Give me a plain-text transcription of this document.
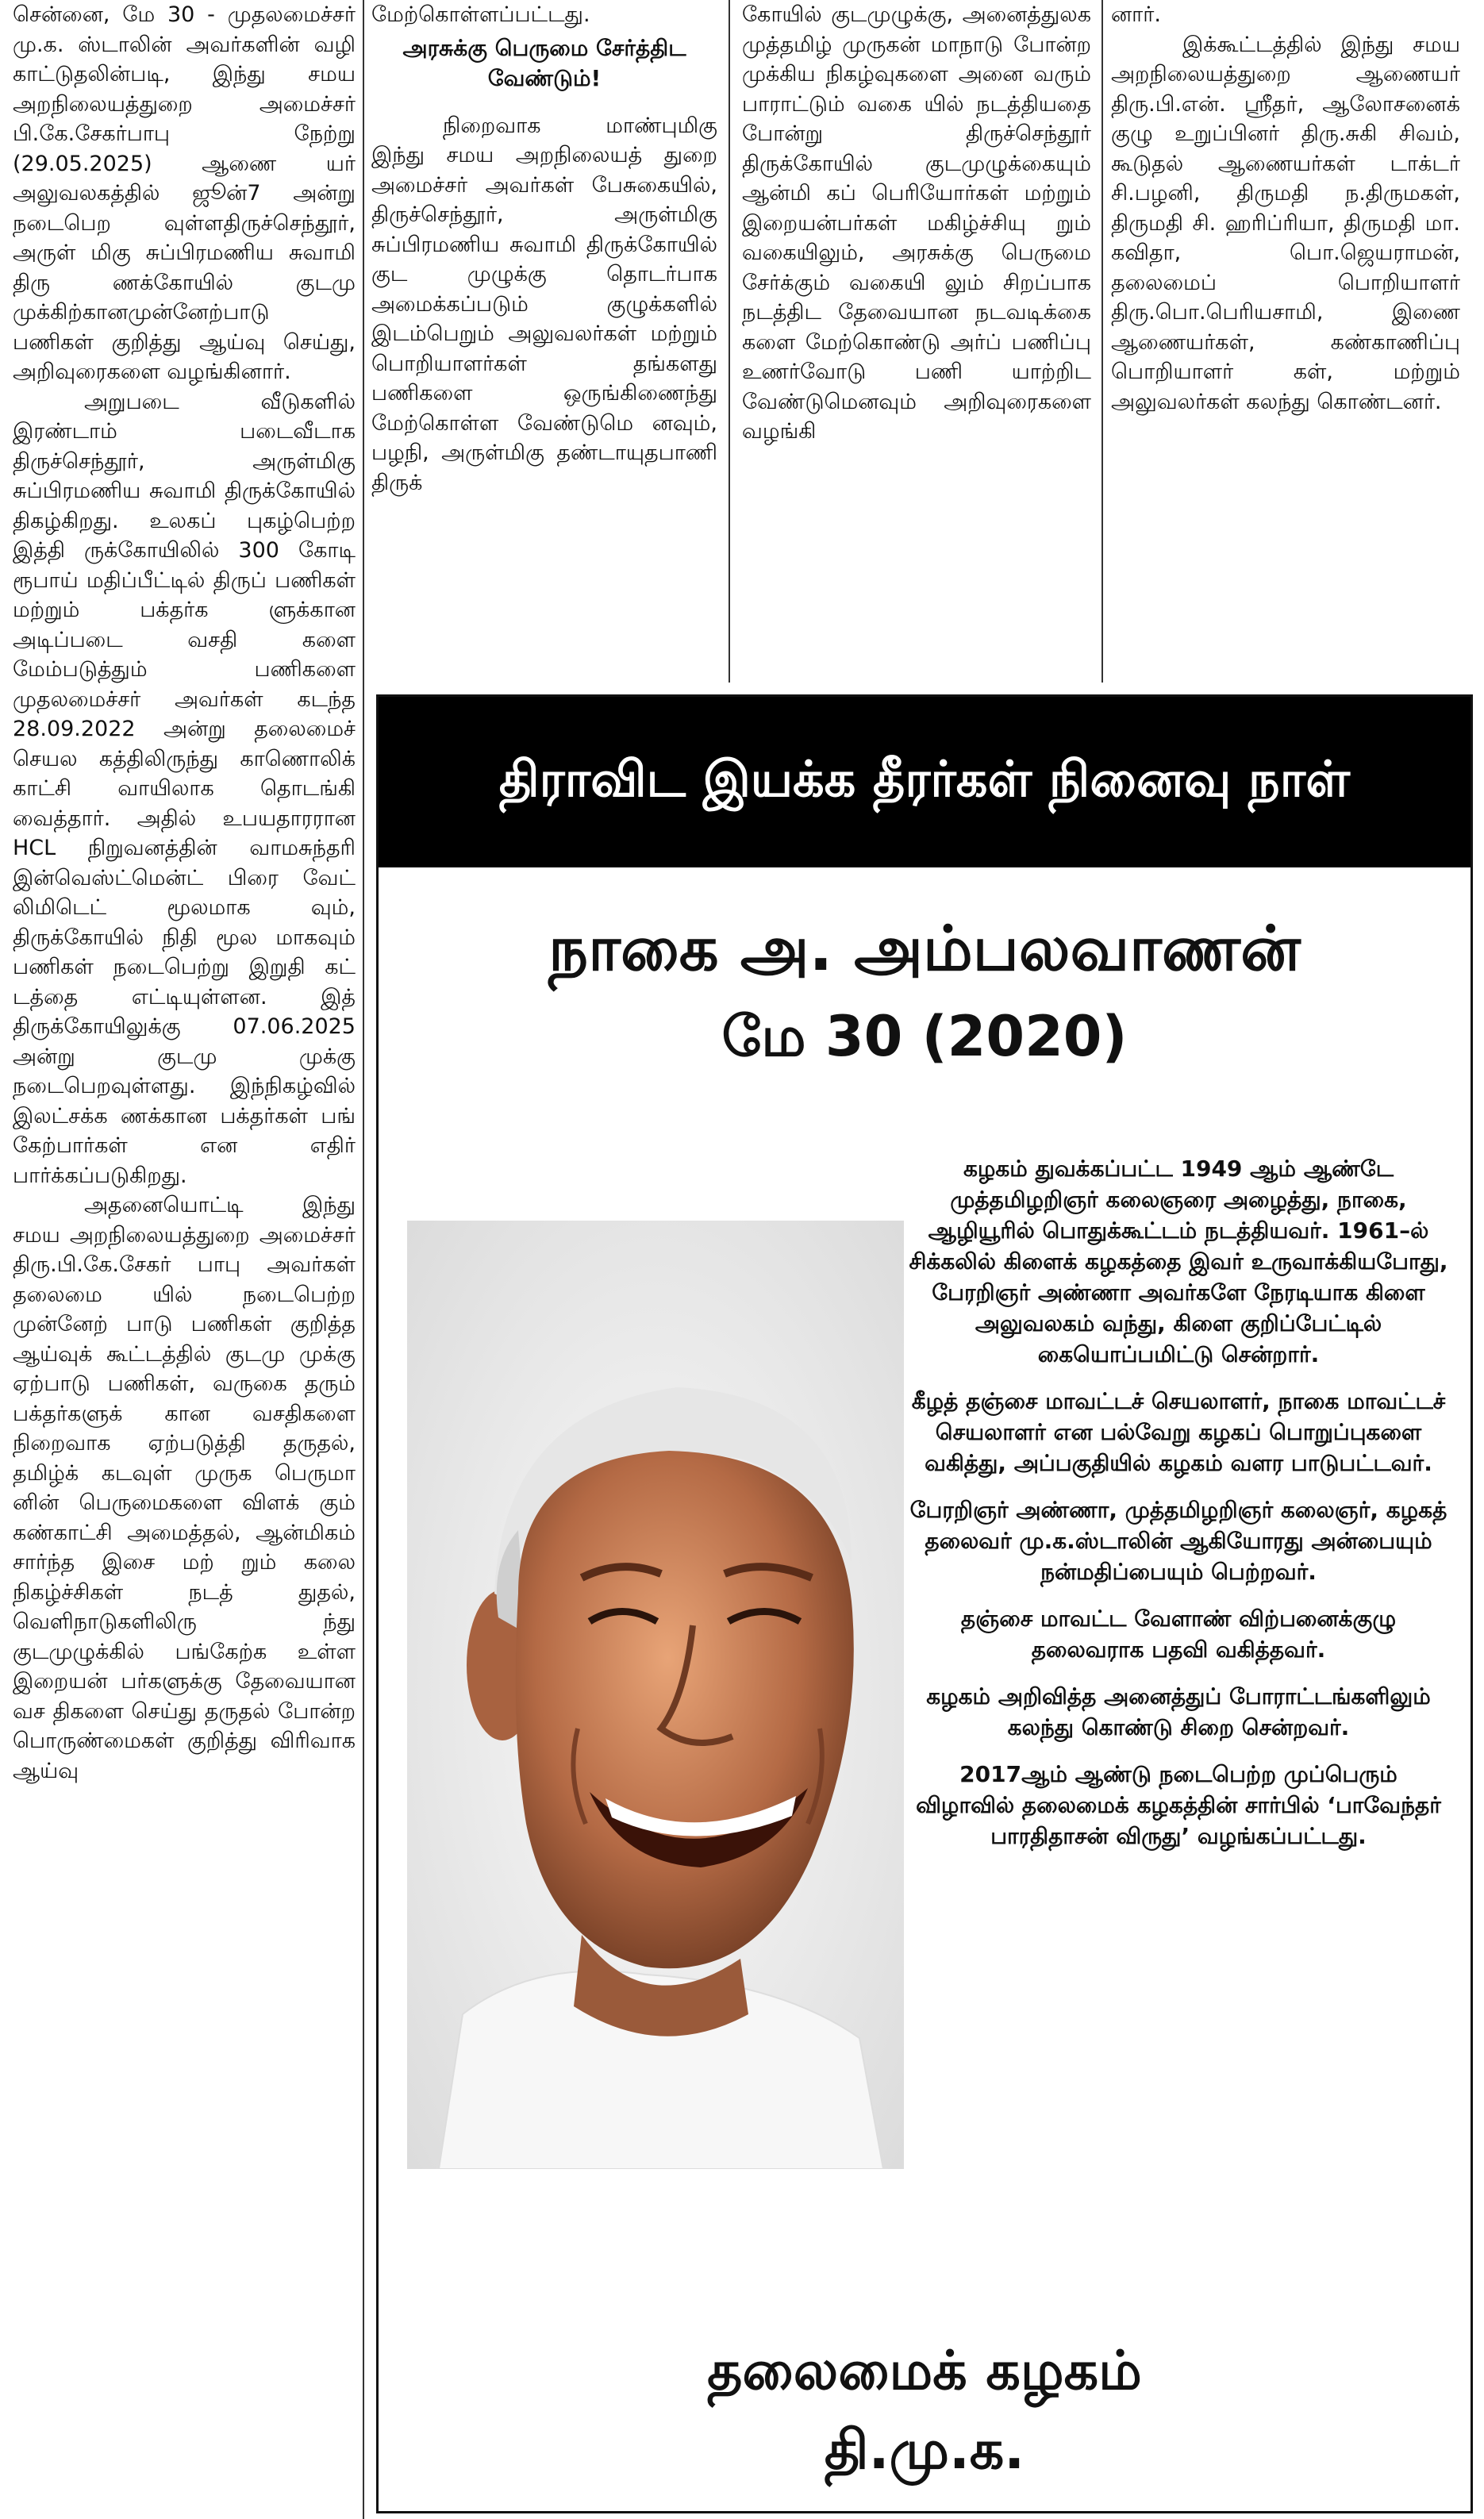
சென்னை, மே 30 - முதலமைச்சர் மு.க. ஸ்டாலின் அவர்களின் வழி காட்டுதலின்படி, இந்து சமய அறநிலையத்துறை அமைச்சர் பி.கே.சேகர்பாபு நேற்று (29.05.2025) ஆணை யர் அலுவலகத்தில் ஜூன்7 அன்று நடைபெற வுள்ளதிருச்செந்தூர், அருள் மிகு சுப்பிரமணிய சுவாமி திரு ணக்கோயில் குடமு முக்கிற்கானமுன்னேற்பாடு பணிகள் குறித்து ஆய்வு செய்து, அறிவுரைகளை வழங்கினார்.

அறுபடை வீடுகளில் இரண்டாம் படைவீடாக திருச்செந்தூர், அருள்மிகு சுப்பிரமணிய சுவாமி திருக்கோயில் திகழ்கிறது. உலகப் புகழ்பெற்ற இத்தி ருக்கோயிலில் 300 கோடி ரூபாய் மதிப்பீட்டில் திருப் பணிகள் மற்றும் பக்தர்க ளுக்கான அடிப்படை வசதி களை மேம்படுத்தும் பணிகளை முதலமைச்சர் அவர்கள் கடந்த 28.09.2022 அன்று தலைமைச் செயல கத்திலிருந்து காணொலிக் காட்சி வாயிலாக தொடங்கி வைத்தார். அதில் உபயதாரரான HCL நிறுவனத்தின் வாமசுந்தரி இன்வெஸ்ட்மென்ட் பிரை வேட் லிமிடெட் மூலமாக வும், திருக்கோயில் நிதி மூல மாகவும் பணிகள் நடைபெற்று இறுதி கட் டத்தை எட்டியுள்ளன. இத் திருக்கோயிலுக்கு 07.06.2025 அன்று குடமு முக்கு நடைபெறவுள்ளது. இந்நிகழ்வில் இலட்சக்க ணக்கான பக்தர்கள் பங் கேற்பார்கள் என எதிர் பார்க்கப்படுகிறது.

அதனையொட்டி இந்து சமய அறநிலையத்துறை அமைச்சர் திரு.பி.கே.சேகர் பாபு அவர்கள் தலைமை யில் நடைபெற்ற முன்னேற் பாடு பணிகள் குறித்த ஆய்வுக் கூட்டத்தில் குடமு முக்கு ஏற்பாடு பணிகள், வருகை தரும் பக்தர்களுக் கான வசதிகளை நிறைவாக ஏற்படுத்தி தருதல், தமிழ்க் கடவுள் முருக பெருமா னின் பெருமைகளை விளக் கும் கண்காட்சி அமைத்தல், ஆன்மிகம் சார்ந்த இசை மற் றும் கலை நிகழ்ச்சிகள் நடத் துதல், வெளிநாடுகளிலிரு ந்து குடமுழுக்கில் பங்கேற்க உள்ள இறையன் பர்களுக்கு தேவையான வச திகளை செய்து தருதல் போன்ற பொருண்மைகள் குறித்து விரிவாக ஆய்வு

மேற்கொள்ளப்பட்டது.

அரசுக்கு பெருமை சேர்த்திட வேண்டும்!

நிறைவாக மாண்புமிகு இந்து சமய அறநிலையத் துறை அமைச்சர் அவர்கள் பேசுகையில், திருச்செந்தூர், அருள்மிகு சுப்பிரமணிய சுவாமி திருக்கோயில் குட முழுக்கு தொடர்பாக அமைக்கப்படும் குழுக்களில் இடம்பெறும் அலுவலர்கள் மற்றும் பொறியாளர்கள் தங்களது பணிகளை ஒருங்கிணைந்து மேற்கொள்ள வேண்டுமெ னவும், பழநி, அருள்மிகு தண்டாயுதபாணி திருக்

கோயில் குடமுழுக்கு, அனைத்துலக முத்தமிழ் முருகன் மாநாடு போன்ற முக்கிய நிகழ்வுகளை அனை வரும் பாராட்டும் வகை யில் நடத்தியதை போன்று திருச்செந்தூர் திருக்கோயில் குடமுழுக்கையும் ஆன்மி கப் பெரியோர்கள் மற்றும் இறையன்பர்கள் மகிழ்ச்சியு றும் வகையிலும், அரசுக்கு பெருமை சேர்க்கும் வகையி லும் சிறப்பாக நடத்திட தேவையான நடவடிக்கை களை மேற்கொண்டு அர்ப் பணிப்பு உணர்வோடு பணி யாற்றிட வேண்டுமெனவும் அறிவுரைகளை வழங்கி

னார்.

இக்கூட்டத்தில் இந்து சமய அறநிலையத்துறை ஆணையர் திரு.பி.என். ஸ்ரீதர், ஆலோசனைக் குழு உறுப்பினர் திரு.சுகி சிவம், கூடுதல் ஆணையர்கள் டாக்டர் சி.பழனி, திருமதி ந.திருமகள், திருமதி சி. ஹரிப்ரியா, திருமதி மா. கவிதா, பொ.ஜெயராமன், தலைமைப் பொறியாளர் திரு.பொ.பெரியசாமி, இணை ஆணையர்கள், கண்காணிப்பு பொறியாளர் கள், மற்றும் அலுவலர்கள் கலந்து கொண்டனர்.

திராவிட இயக்க தீரர்கள் நினைவு நாள்
நாகை அ. அம்பலவாணன்
மே 30 (2020)

கழகம் துவக்கப்பட்ட 1949 ஆம் ஆண்டே முத்தமிழறிஞர் கலைஞரை அழைத்து, நாகை, ஆழியூரில் பொதுக்கூட்டம் நடத்தியவர். 1961–ல் சிக்கலில் கிளைக் கழகத்தை இவர் உருவாக்கியபோது, பேரறிஞர் அண்ணா அவர்களே நேரடியாக கிளை அலுவலகம் வந்து, கிளை குறிப்பேட்டில் கையொப்பமிட்டு சென்றார்.

கீழத் தஞ்சை மாவட்டச் செயலாளர், நாகை மாவட்டச் செயலாளர் என பல்வேறு கழகப் பொறுப்புகளை வகித்து, அப்பகுதியில் கழகம் வளர பாடுபட்டவர்.

பேரறிஞர் அண்ணா, முத்தமிழறிஞர் கலைஞர், கழகத் தலைவர் மு.க.ஸ்டாலின் ஆகியோரது அன்பையும் நன்மதிப்பையும் பெற்றவர்.

தஞ்சை மாவட்ட வேளாண் விற்பனைக்குழு தலைவராக பதவி வகித்தவர்.

கழகம் அறிவித்த அனைத்துப் போராட்டங்களிலும் கலந்து கொண்டு சிறை சென்றவர்.

2017ஆம் ஆண்டு நடைபெற்ற முப்பெரும் விழாவில் தலைமைக் கழகத்தின் சார்பில் ‘பாவேந்தர் பாரதிதாசன் விருது’ வழங்கப்பட்டது.

தலைமைக் கழகம்
தி.மு.க.
